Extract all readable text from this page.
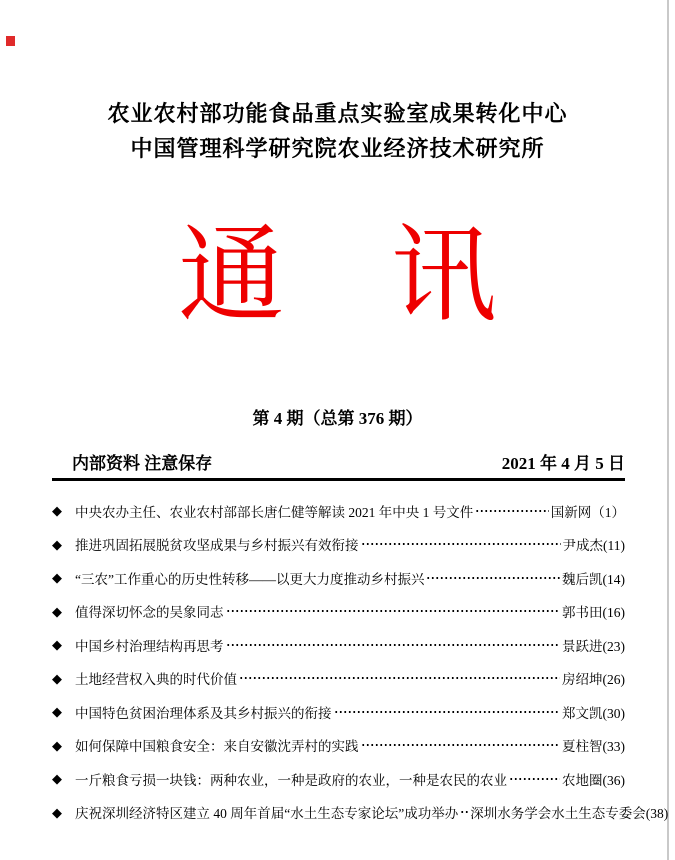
农业农村部功能食品重点实验室成果转化中心
中国管理科学研究院农业经济技术研究所
通 讯
第 4 期（总第 376 期）
内部资料 注意保存	2021 年 4 月 5 日
◆ 中央农办主任、农业农村部部长唐仁健等解读 2021 年中央 1 号文件	国新网（1）
◆ 推进巩固拓展脱贫攻坚成果与乡村振兴有效衔接	尹成杰(11)
◆ “三农”工作重心的历史性转移——以更大力度推动乡村振兴	魏后凯(14)
◆ 值得深切怀念的吴象同志	郭书田(16)
◆ 中国乡村治理结构再思考	景跃进(23)
◆ 土地经营权入典的时代价值	房绍坤(26)
◆ 中国特色贫困治理体系及其乡村振兴的衔接	郑文凯(30)
◆ 如何保障中国粮食安全：来自安徽沈弄村的实践	夏柱智(33)
◆ 一斤粮食亏损一块钱：两种农业，一种是政府的农业，一种是农民的农业	农地圈(36)
◆ 庆祝深圳经济特区建立 40 周年首届“水土生态专家论坛”成功举办 深圳水务学会水土生态专委会(38)
